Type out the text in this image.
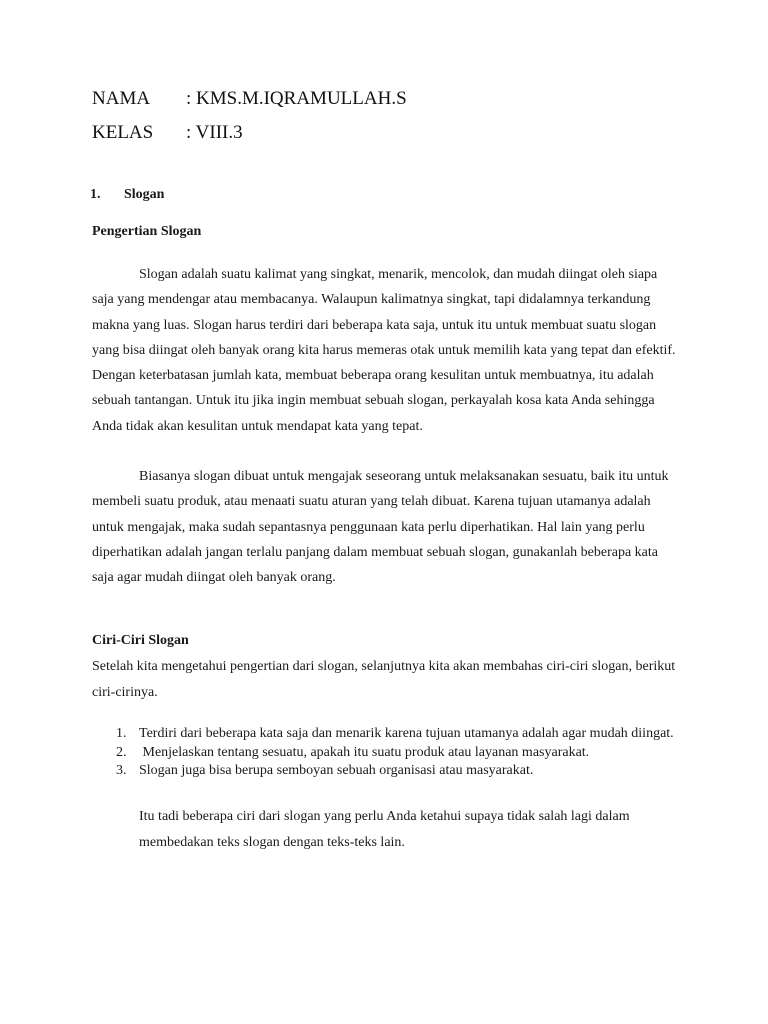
NAMA : KMS.M.IQRAMULLAH.S
KELAS : VIII.3
1. Slogan
Pengertian Slogan

Slogan adalah suatu kalimat yang singkat, menarik, mencolok, dan mudah diingat oleh siapa saja yang mendengar atau membacanya. Walaupun kalimatnya singkat, tapi didalamnya terkandung makna yang luas. Slogan harus terdiri dari beberapa kata saja, untuk itu untuk membuat suatu slogan yang bisa diingat oleh banyak orang kita harus memeras otak untuk memilih kata yang tepat dan efektif. Dengan keterbatasan jumlah kata, membuat beberapa orang kesulitan untuk membuatnya, itu adalah sebuah tantangan. Untuk itu jika ingin membuat sebuah slogan, perkayalah kosa kata Anda sehingga Anda tidak akan kesulitan untuk mendapat kata yang tepat.

Biasanya slogan dibuat untuk mengajak seseorang untuk melaksanakan sesuatu, baik itu untuk membeli suatu produk, atau menaati suatu aturan yang telah dibuat. Karena tujuan utamanya adalah untuk mengajak, maka sudah sepantasnya penggunaan kata perlu diperhatikan. Hal lain yang perlu diperhatikan adalah jangan terlalu panjang dalam membuat sebuah slogan, gunakanlah beberapa kata saja agar mudah diingat oleh banyak orang.

Ciri-Ciri Slogan

Setelah kita mengetahui pengertian dari slogan, selanjutnya kita akan membahas ciri-ciri slogan, berikut ciri-cirinya.

1. Terdiri dari beberapa kata saja dan menarik karena tujuan utamanya adalah agar mudah diingat.
2. Menjelaskan tentang sesuatu, apakah itu suatu produk atau layanan masyarakat.
3. Slogan juga bisa berupa semboyan sebuah organisasi atau masyarakat.

Itu tadi beberapa ciri dari slogan yang perlu Anda ketahui supaya tidak salah lagi dalam membedakan teks slogan dengan teks-teks lain.
